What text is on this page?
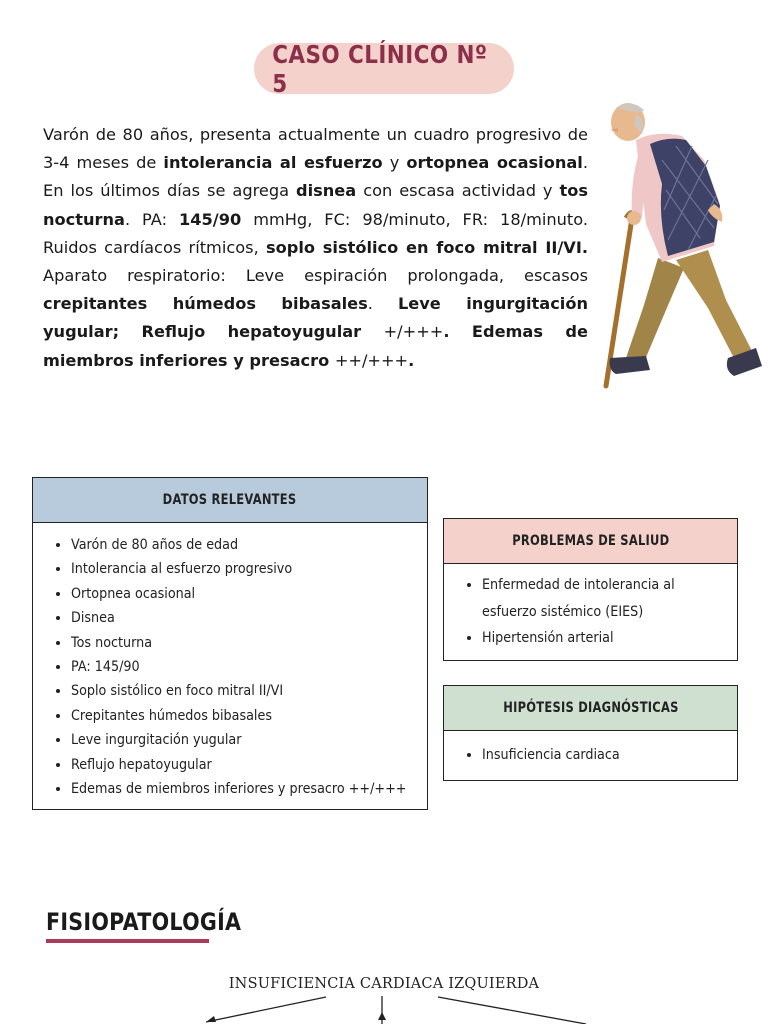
CASO CLÍNICO Nº 5
Varón de 80 años, presenta actualmente un cuadro progresivo de 3-4 meses de intolerancia al esfuerzo y ortopnea ocasional. En los últimos días se agrega disnea con escasa actividad y tos nocturna. PA: 145/90 mmHg, FC: 98/minuto, FR: 18/minuto. Ruidos cardíacos rítmicos, soplo sistólico en foco mitral II/VI. Aparato respiratorio: Leve espiración prolongada, escasos crepitantes húmedos bibasales. Leve ingurgitación yugular; Reflujo hepatoyugular +/+++. Edemas de miembros inferiores y presacro ++/+++.
DATOS RELEVANTES
• Varón de 80 años de edad
• Intolerancia al esfuerzo progresivo
• Ortopnea ocasional
• Disnea
• Tos nocturna
• PA: 145/90
• Soplo sistólico en foco mitral II/VI
• Crepitantes húmedos bibasales
• Leve ingurgitación yugular
• Reflujo hepatoyugular
• Edemas de miembros inferiores y presacro ++/+++
PROBLEMAS DE SALIUD
• Enfermedad de intolerancia al
esfuerzo sistémico (EIES)
• Hipertensión arterial
HIPÓTESIS DIAGNÓSTICAS
• Insuficiencia cardiaca
FISIOPATOLOGÍA
INSUFICIENCIA CARDIACA IZQUIERDA
